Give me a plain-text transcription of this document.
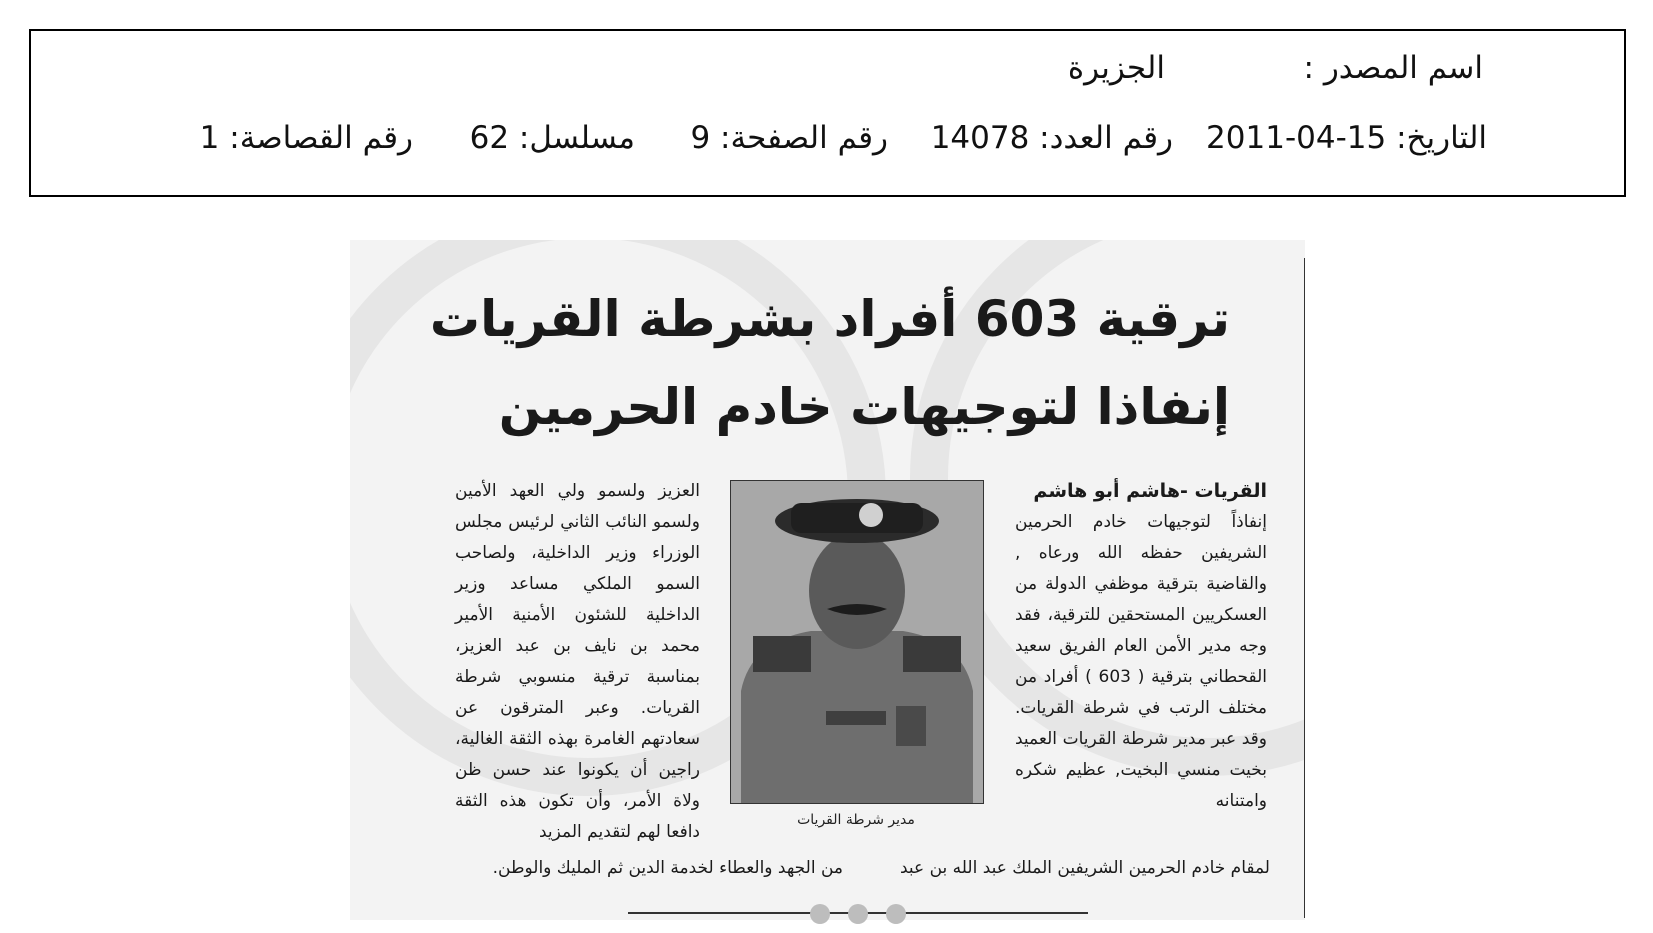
اسم المصدر :
الجزيرة
التاريخ: 15-04-2011
رقم العدد: 14078
رقم الصفحة: 9
مسلسل: 62
رقم القصاصة: 1
ترقية 603 أفراد بشرطة القريات
إنفاذا لتوجيهات خادم الحرمين
القريات -هاشم أبو هاشم
إنفاذاً لتوجيهات خادم الحرمين الشريفين حفظه الله ورعاه , والقاضية بترقية موظفي الدولة من العسكريين المستحقين للترقية، فقد وجه مدير الأمن العام الفريق سعيد القحطاني بترقية ( 603 ) أفراد من مختلف الرتب في شرطة القريات. وقد عبر مدير شرطة القريات العميد بخيت منسي البخيت, عظيم شكره وامتنانه
مدير شرطة القريات
العزيز ولسمو ولي العهد الأمين ولسمو النائب الثاني لرئيس مجلس الوزراء وزير الداخلية، ولصاحب السمو الملكي مساعد وزير الداخلية للشئون الأمنية الأمير محمد بن نايف بن عبد العزيز، بمناسبة ترقية منسوبي شرطة القريات. وعبر المترقون عن سعادتهم الغامرة بهذه الثقة الغالية، راجين أن يكونوا عند حسن ظن ولاة الأمر، وأن تكون هذه الثقة دافعا لهم لتقديم المزيد
لمقام خادم الحرمين الشريفين الملك عبد الله بن عبد
من الجهد والعطاء لخدمة الدين ثم المليك والوطن.
